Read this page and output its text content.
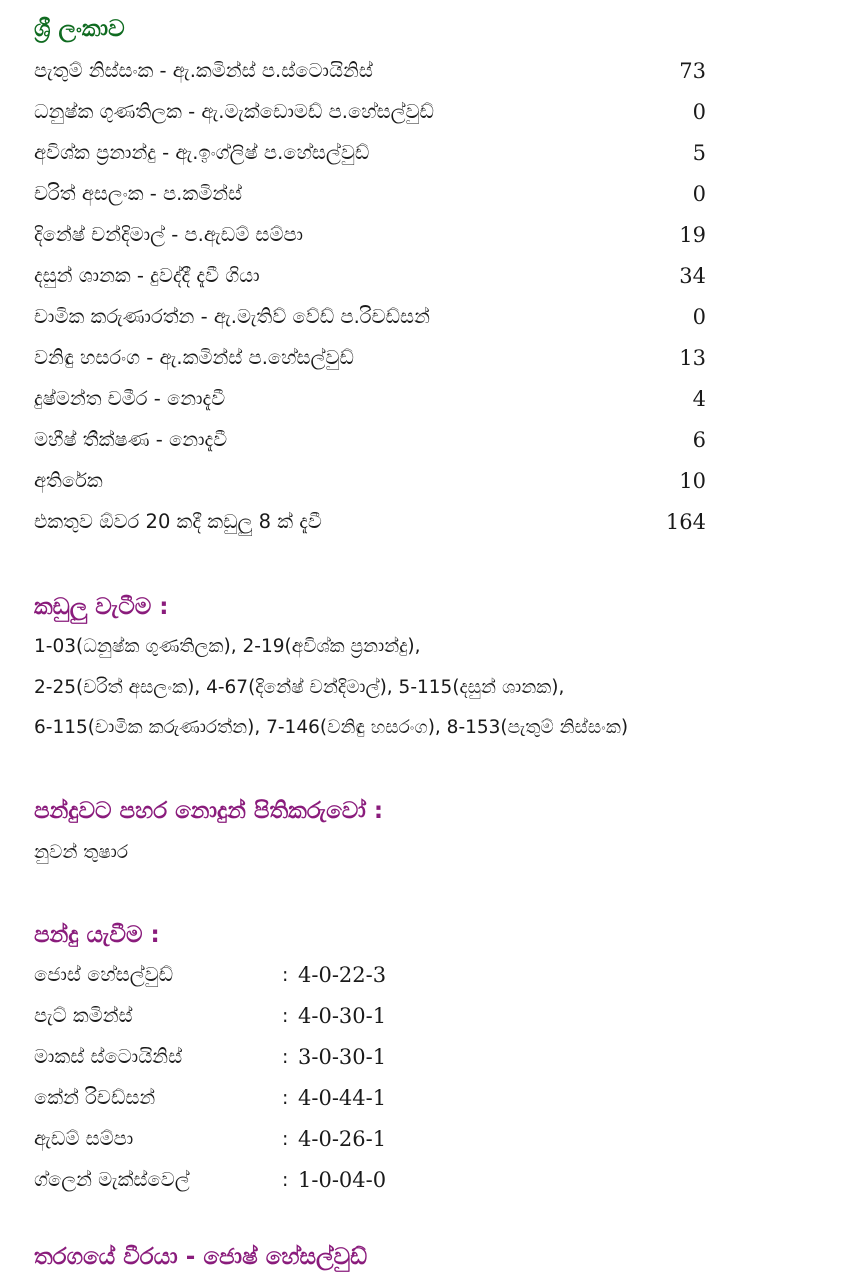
ශ්‍රී ලංකාව
පැතුම් නිස්සංක - ඇ.කමින්ස් ප.ස්ටොයිනිස්	73
ධනුෂ්ක ගුණතිලක - ඇ.මැක්ඩොමඩ් ප.හේසල්වුඩ්	0
අවිශ්ක ප්‍රනාන්දු - ඇ.ඉංග්ලිෂ් ප.හේසල්වුඩ්	5
චරිත් අසලංක - ප.කමින්ස්	0
දිනේෂ් චන්දිමාල් - ප.ඇඩම් සම්පා	19
දසුන් ශානක - දුවද්දී දැවී ගියා	34
චාමික කරුණාරත්න - ඇ.මැතිව් වේඩ් ප.රිචඩ්සන්	0
වනිඳු හසරංග - ඇ.කමින්ස් ප.හේසල්වුඩ්	13
දුෂ්මන්ත චමීර - නොදැවී	4
මහීෂ් තීක්ෂණ - නොදැවී	6
අතිරේක	10
එකතුව ඕවර 20 කදී කඩුලු 8 ක් දැවී	164
කඩුලු වැටීම :
1-03(ධනුෂ්ක ගුණතිලක), 2-19(අවිශ්ක ප්‍රනාන්දු),
2-25(චරිත් අසලංක), 4-67(දිනේෂ් චන්දිමාල්), 5-115(දසුන් ශානක),
6-115(චාමික කරුණාරත්න), 7-146(වනිඳු හසරංග), 8-153(පැතුම් නිස්සංක)
පන්දුවට පහර නොදුන් පිතිකරුවෝ :
නුවන් තුෂාර
පන්දු යැවීම :
ජොස් හේසල්වුඩ්	: 4-0-22-3
පැට් කමින්ස්	: 4-0-30-1
මාකස් ස්ටොයිනිස්	: 3-0-30-1
කේන් රිචඩ්සන්	: 4-0-44-1
ඇඩම් සම්පා	: 4-0-26-1
ග්ලෙන් මැක්ස්වෙල්	: 1-0-04-0
තරගයේ වීරයා - ජොෂ් හේසල්වුඩ්
